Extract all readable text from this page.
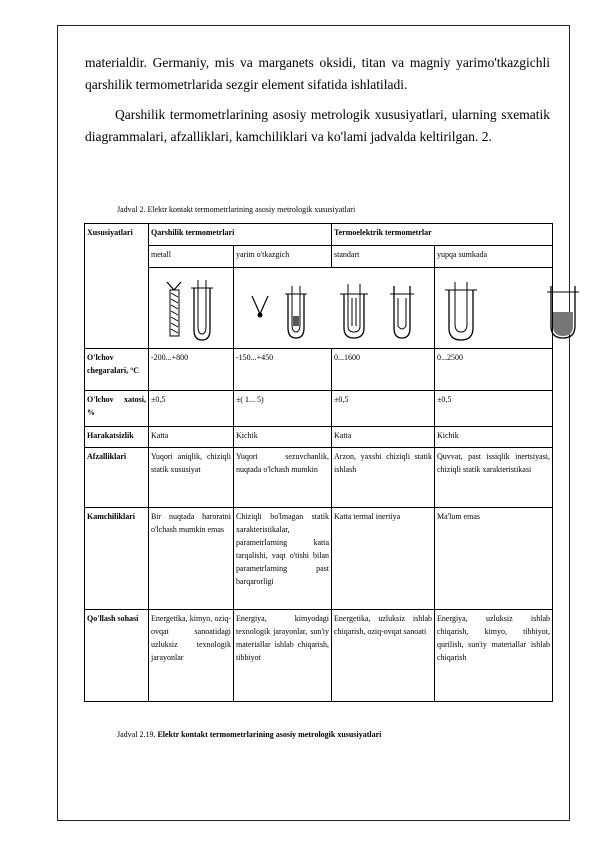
materialdir. Germaniy, mis va marganets oksidi, titan va magniy yarimo'tkazgichli qarshilik termometrlarida sezgir element sifatida ishlatiladi.
Qarshilik termometrlarining asosiy metrologik xususiyatlari, ularning sxematik diagrammalari, afzalliklari, kamchiliklari va ko'lami jadvalda keltirilgan. 2.
Jadval 2. Elektr kontakt termometrlarining asosiy metrologik xususiyatlari
Xususiyatlari	Qarshilik termometrlari		Termoelektrik termometrlar	
	metall	yarim o'tkazgich	standart	yupqa sumkada

O'lchov chegaralari, °C	-200...+800	-150...+450	0...1600	0...2500
O'lchov xatosi, %	±0,5	±( 1... 5)	±0,5	±0,5
Harakatsizlik	Katta	Kichik	Katta	Kichik
Afzalliklari	Yuqori aniqlik, chiziqli statik xususiyat	Yuqori sezuvchanlik, nuqtada o'lchash mumkin	Arzon, yaxshi chiziqli statik ishlash	Quvvat, past issiqlik inertsiyasi, chiziqli statik xarakteristikasi
Kamchiliklari	Bir nuqtada haroratni o'lchash mumkin emas	Chiziqli bo'lmagan statik xarakteristikalar, parametrlarning katta tarqalishi, vaqt o'tishi bilan parametrlarning past barqarorligi	Katta termal inertiya	Ma'lum emas
Qo'llash sohasi	Energetika, kimyo, oziq-ovqat sanoatidagi uzluksiz texnologik jarayonlar	Energiya, kimyodagi texnologik jarayonlar, sun'iy materiallar ishlab chiqarish, tibbiyot	Energetika, uzluksiz ishlab chiqarish, oziq-ovqat sanoati	Energiya, uzluksiz ishlab chiqarish, kimyo, tibbiyot, qurilish, sun'iy materiallar ishlab chiqarish
Jadval 2.19. Elektr kontakt termometrlarining asosiy metrologik xususiyatlari
